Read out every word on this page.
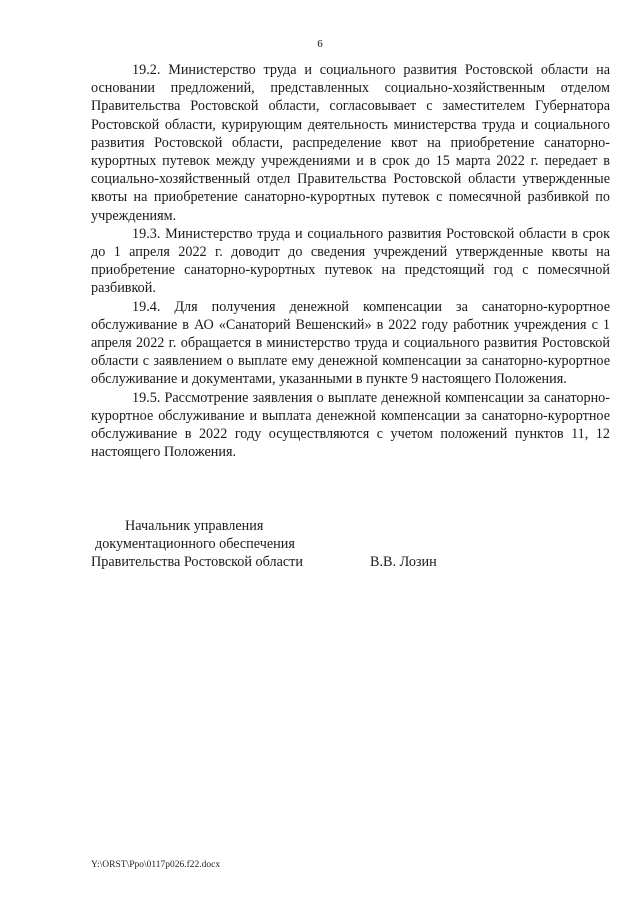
6

19.2. Министерство труда и социального развития Ростовской области на основании предложений, представленных социально-хозяйственным отделом Правительства Ростовской области, согласовывает с заместителем Губернатора Ростовской области, курирующим деятельность министерства труда и социального развития Ростовской области, распределение квот на приобретение санаторно-курортных путевок между учреждениями и в срок до 15 марта 2022 г. передает в социально-хозяйственный отдел Правительства Ростовской области утвержденные квоты на приобретение санаторно-курортных путевок с помесячной разбивкой по учреждениям.

19.3. Министерство труда и социального развития Ростовской области в срок до 1 апреля 2022 г. доводит до сведения учреждений утвержденные квоты на приобретение санаторно-курортных путевок на предстоящий год с помесячной разбивкой.

19.4. Для получения денежной компенсации за санаторно-курортное обслуживание в АО «Санаторий Вешенский» в 2022 году работник учреждения с 1 апреля 2022 г. обращается в министерство труда и социального развития Ростовской области с заявлением о выплате ему денежной компенсации за санаторно-курортное обслуживание и документами, указанными в пункте 9 настоящего Положения.

19.5. Рассмотрение заявления о выплате денежной компенсации за санаторно-курортное обслуживание и выплата денежной компенсации за санаторно-курортное обслуживание в 2022 году осуществляются с учетом положений пунктов 11, 12 настоящего Положения.

Начальник управления
документационного обеспечения
Правительства Ростовской области	В.В. Лозин
Y:\ORST\Ppo\0117p026.f22.docx
